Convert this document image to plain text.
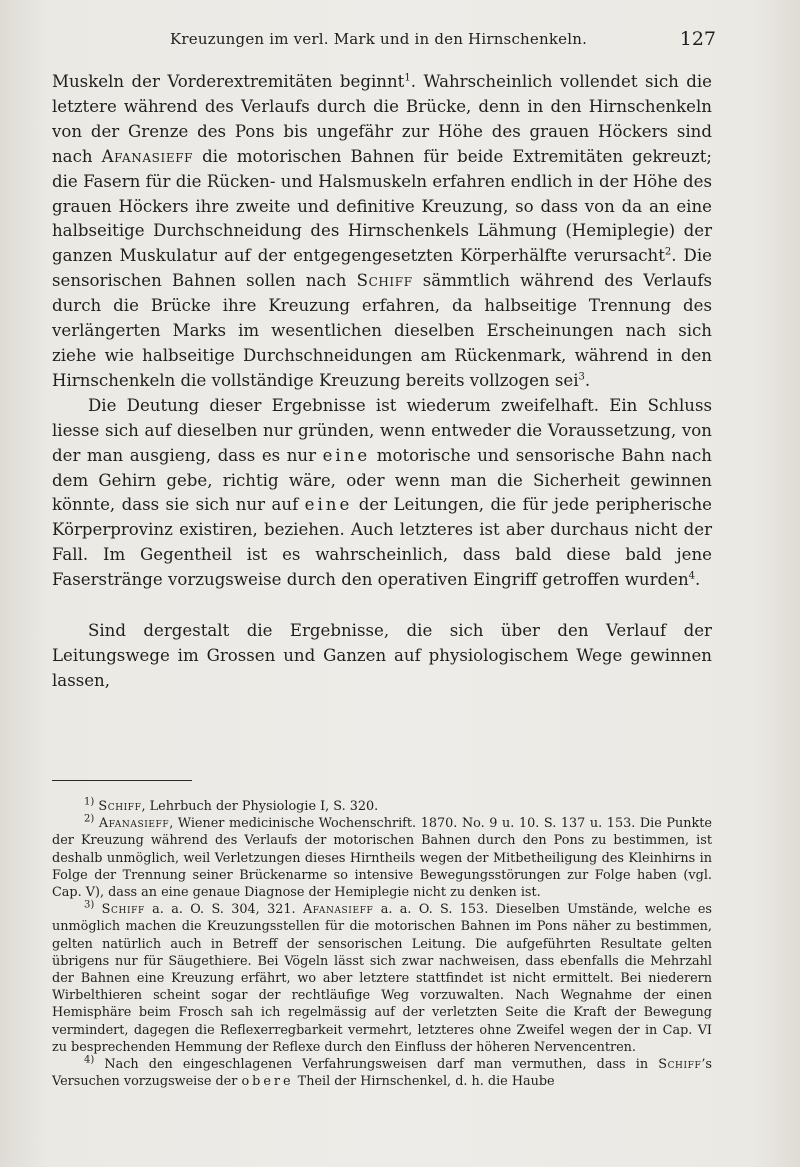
Kreuzungen im verl. Mark und in den Hirnschenkeln.	127

Muskeln der Vorderextremitäten beginnt$^1$. Wahrscheinlich vollendet sich die letztere während des Verlaufs durch die Brücke, denn in den Hirnschenkeln von der Grenze des Pons bis ungefähr zur Höhe des grauen Höckers sind nach Afanasieff die motorischen Bahnen für beide Extremitäten gekreuzt; die Fasern für die Rücken- und Halsmuskeln erfahren endlich in der Höhe des grauen Höckers ihre zweite und definitive Kreuzung, so dass von da an eine halbseitige Durchschneidung des Hirnschenkels Lähmung (Hemiplegie) der ganzen Muskulatur auf der entgegengesetzten Körperhälfte verursacht$^2$. Die sensorischen Bahnen sollen nach Schiff sämmtlich während des Verlaufs durch die Brücke ihre Kreuzung erfahren, da halbseitige Trennung des verlängerten Marks im wesentlichen dieselben Erscheinungen nach sich ziehe wie halbseitige Durchschneidungen am Rückenmark, während in den Hirnschenkeln die vollständige Kreuzung bereits vollzogen sei$^3$.

Die Deutung dieser Ergebnisse ist wiederum zweifelhaft. Ein Schluss liesse sich auf dieselben nur gründen, wenn entweder die Voraussetzung, von der man ausgieng, dass es nur eine motorische und sensorische Bahn nach dem Gehirn gebe, richtig wäre, oder wenn man die Sicherheit gewinnen könnte, dass sie sich nur auf eine der Leitungen, die für jede peripherische Körperprovinz existiren, beziehen. Auch letzteres ist aber durchaus nicht der Fall. Im Gegentheil ist es wahrscheinlich, dass bald diese bald jene Faserstränge vorzugsweise durch den operativen Eingriff getroffen wurden$^4$.

Sind dergestalt die Ergebnisse, die sich über den Verlauf der Leitungswege im Grossen und Ganzen auf physiologischem Wege gewinnen lassen,

$^{1)}$ Schiff, Lehrbuch der Physiologie I, S. 320.

$^{2)}$ Afanasieff, Wiener medicinische Wochenschrift. 1870. No. 9 u. 10. S. 137 u. 153. Die Punkte der Kreuzung während des Verlaufs der motorischen Bahnen durch den Pons zu bestimmen, ist deshalb unmöglich, weil Verletzungen dieses Hirntheils wegen der Mitbetheiligung des Kleinhirns in Folge der Trennung seiner Brückenarme so intensive Bewegungsstörungen zur Folge haben (vgl. Cap. V), dass an eine genaue Diagnose der Hemiplegie nicht zu denken ist.

$^{3)}$ Schiff a. a. O. S. 304, 321. Afanasieff a. a. O. S. 153. Dieselben Umstände, welche es unmöglich machen die Kreuzungsstellen für die motorischen Bahnen im Pons näher zu bestimmen, gelten natürlich auch in Betreff der sensorischen Leitung. Die aufgeführten Resultate gelten übrigens nur für Säugethiere. Bei Vögeln lässt sich zwar nachweisen, dass ebenfalls die Mehrzahl der Bahnen eine Kreuzung erfährt, wo aber letztere stattfindet ist nicht ermittelt. Bei niederern Wirbelthieren scheint sogar der rechtläufige Weg vorzuwalten. Nach Wegnahme der einen Hemisphäre beim Frosch sah ich regelmässig auf der verletzten Seite die Kraft der Bewegung vermindert, dagegen die Reflexerregbarkeit vermehrt, letzteres ohne Zweifel wegen der in Cap. VI zu besprechenden Hemmung der Reflexe durch den Einfluss der höheren Nervencentren.

$^{4)}$ Nach den eingeschlagenen Verfahrungsweisen darf man vermuthen, dass in Schiff’s Versuchen vorzugsweise der obere Theil der Hirnschenkel, d. h. die Haube
